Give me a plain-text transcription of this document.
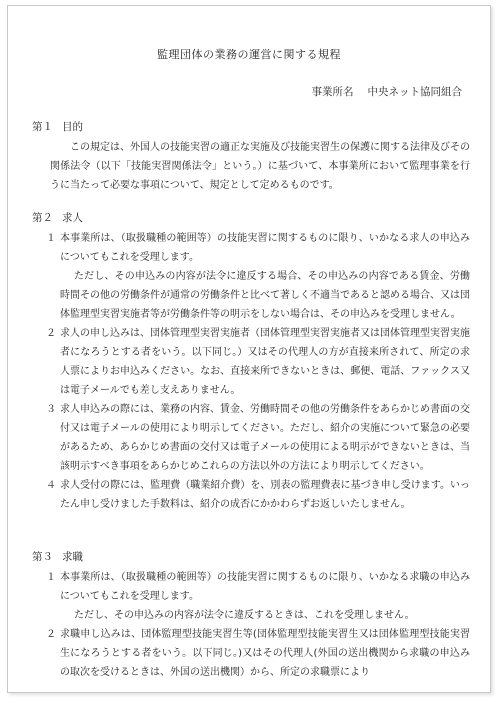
監理団体の業務の運営に関する規程
事業所名 中央ネット協同組合
第１ 目的

この規定は、外国人の技能実習の適正な実施及び技能実習生の保護に関する法律及びその関係法令（以下「技能実習関係法令」という。）に基づいて、本事業所において監理事業を行うに当たって必要な事項について、規定として定めるものです。

第２ 求人

１ 本事業所は、（取扱職種の範囲等）の技能実習に関するものに限り、いかなる求人の申込みについてもこれを受理します。
ただし、その申込みの内容が法令に違反する場合、その申込みの内容である賃金、労働時間その他の労働条件が通常の労働条件と比べて著しく不適当であると認める場合、又は団体監理型実習実施者等が労働条件等の明示をしない場合は、その申込みを受理しません。

２ 求人の申し込みは、団体管理型実習実施者（団体管理型実習実施者又は団体管理型実習実施者になろうとする者をいう。以下同じ。）又はその代理人の方が直接来所されて、所定の求人票によりお申込みください。なお、直接来所できないときは、郵便、電話、ファックス又は電子メールでも差し支えありません。

３ 求人申込みの際には、業務の内容、賃金、労働時間その他の労働条件をあらかじめ書面の交付又は電子メールの使用により明示してください。ただし、紹介の実施について緊急の必要があるため、あらかじめ書面の交付又は電子メールの使用による明示ができないときは、当該明示すべき事項をあらかじめこれらの方法以外の方法により明示してください。

４ 求人受付の際には、監理費（職業紹介費）を、別表の監理費表に基づき申し受けます。いったん申し受けました手数料は、紹介の成否にかかわらずお返しいたしません。

第３ 求職

１ 本事業所は、（取扱職種の範囲等）の技能実習に関するものに限り、いかなる求職の申込みについてもこれを受理します。
ただし、その申込みの内容が法令に違反するときは、これを受理しません。

２ 求職申し込みは、団体監理型技能実習生等(団体監理型技能実習生又は団体監理型技能実習生になろうとする者をいう。以下同じ。)又はその代理人(外国の送出機関から求職の申込みの取次を受けるときは、外国の送出機関）から、所定の求職票により
